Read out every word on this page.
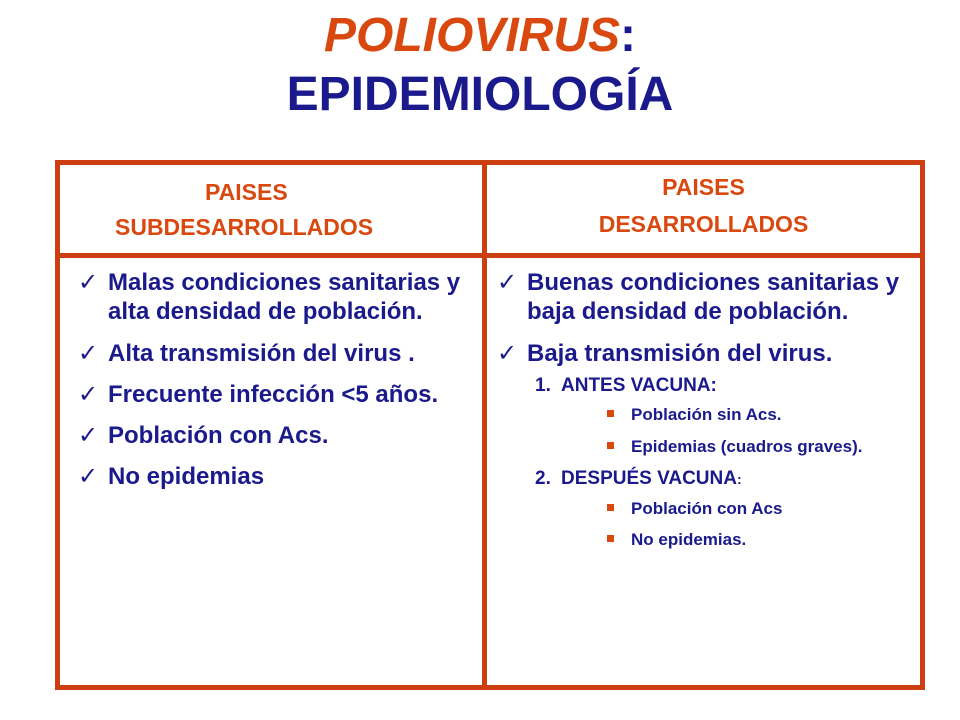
POLIOVIRUS:
EPIDEMIOLOGÍA
PAISES
SUBDESARROLLADOS
PAISES
DESARROLLADOS
✓ Malas condiciones sanitarias y alta densidad de población.
✓ Alta transmisión del virus .
✓ Frecuente infección <5 años.
✓ Población con Acs.
✓ No epidemias
✓ Buenas condiciones sanitarias y baja densidad de población.
✓ Baja transmisión del virus.
1. ANTES VACUNA:
Población sin Acs.
Epidemias (cuadros graves).
2. DESPUÉS VACUNA:
Población con Acs
No epidemias.
